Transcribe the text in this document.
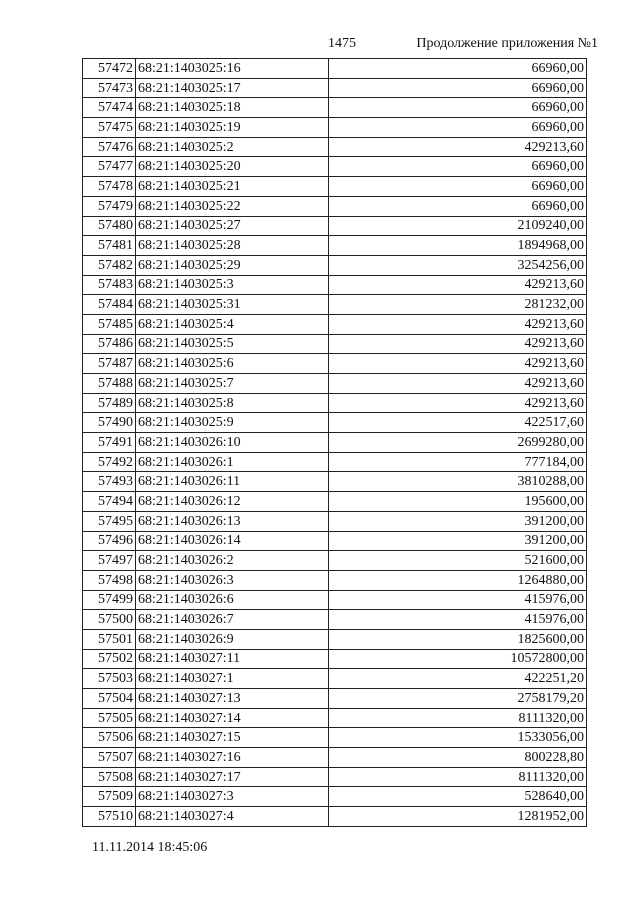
1475	Продолжение приложения №1
57472	68:21:1403025:16	66960,00
57473	68:21:1403025:17	66960,00
57474	68:21:1403025:18	66960,00
57475	68:21:1403025:19	66960,00
57476	68:21:1403025:2	429213,60
57477	68:21:1403025:20	66960,00
57478	68:21:1403025:21	66960,00
57479	68:21:1403025:22	66960,00
57480	68:21:1403025:27	2109240,00
57481	68:21:1403025:28	1894968,00
57482	68:21:1403025:29	3254256,00
57483	68:21:1403025:3	429213,60
57484	68:21:1403025:31	281232,00
57485	68:21:1403025:4	429213,60
57486	68:21:1403025:5	429213,60
57487	68:21:1403025:6	429213,60
57488	68:21:1403025:7	429213,60
57489	68:21:1403025:8	429213,60
57490	68:21:1403025:9	422517,60
57491	68:21:1403026:10	2699280,00
57492	68:21:1403026:1	777184,00
57493	68:21:1403026:11	3810288,00
57494	68:21:1403026:12	195600,00
57495	68:21:1403026:13	391200,00
57496	68:21:1403026:14	391200,00
57497	68:21:1403026:2	521600,00
57498	68:21:1403026:3	1264880,00
57499	68:21:1403026:6	415976,00
57500	68:21:1403026:7	415976,00
57501	68:21:1403026:9	1825600,00
57502	68:21:1403027:11	10572800,00
57503	68:21:1403027:1	422251,20
57504	68:21:1403027:13	2758179,20
57505	68:21:1403027:14	8111320,00
57506	68:21:1403027:15	1533056,00
57507	68:21:1403027:16	800228,80
57508	68:21:1403027:17	8111320,00
57509	68:21:1403027:3	528640,00
57510	68:21:1403027:4	1281952,00
11.11.2014 18:45:06
